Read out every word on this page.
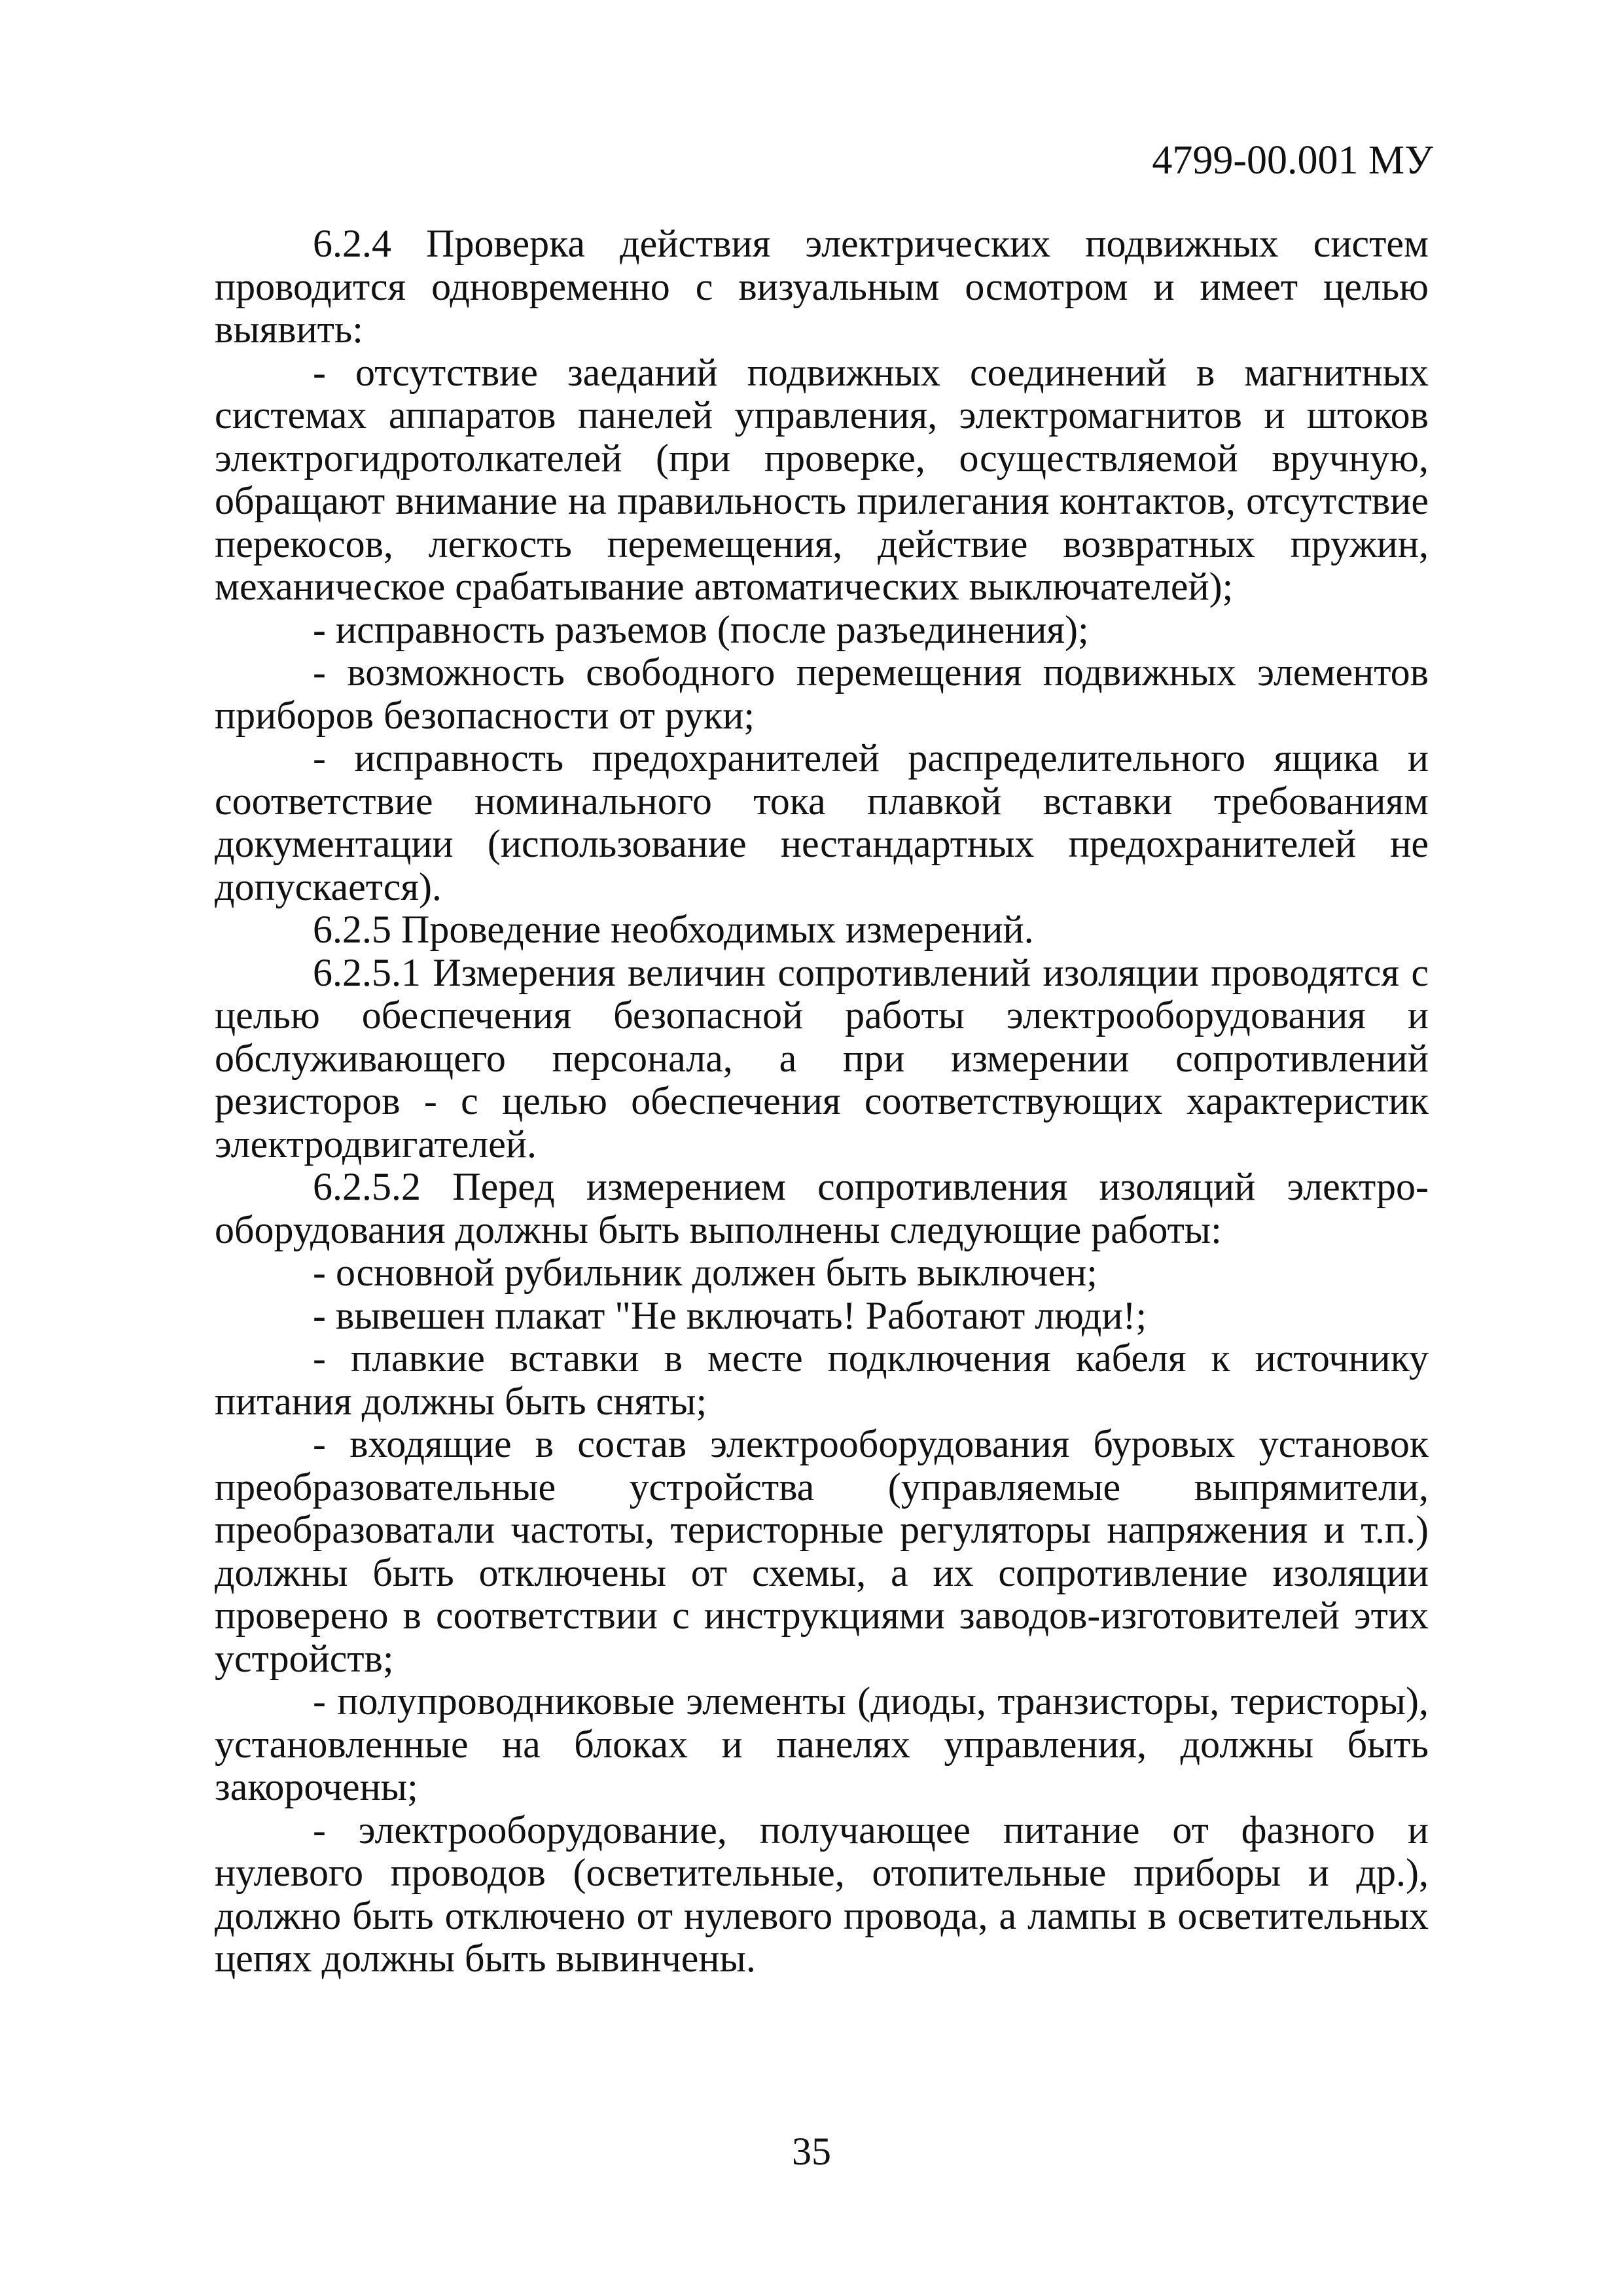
4799-00.001 МУ

6.2.4 Проверка действия электрических подвижных систем проводится одновременно с визуальным осмотром и имеет целью выявить:

- отсутствие заеданий подвижных соединений в магнитных системах аппаратов панелей управления, электромагнитов и штоков электрогидротолкателей (при проверке, осуществляемой вручную, обращают внимание на правильность прилегания контактов, отсутствие перекосов, легкость перемещения, действие возвратных пружин, механическое срабатывание автоматических выключателей);

- исправность разъемов (после разъединения);

- возможность свободного перемещения подвижных элементов приборов безопасности от руки;

- исправность предохранителей распределительного ящика и соответствие номинального тока плавкой вставки требованиям документации (использование нестандартных предохранителей не допускается).

6.2.5 Проведение необходимых измерений.

6.2.5.1 Измерения величин сопротивлений изоляции проводятся с целью обеспечения безопасной работы электрооборудования и обслуживающего персонала, а при измерении сопротивлений резисторов - с целью обеспечения соответствующих характеристик электродвигателей.

6.2.5.2 Перед измерением сопротивления изоляций электрооборудования должны быть выполнены следующие работы:

- основной рубильник должен быть выключен;

- вывешен плакат "Не включать! Работают люди!;

- плавкие вставки в месте подключения кабеля к источнику питания должны быть сняты;

- входящие в состав электрооборудования буровых установок преобразовательные устройства (управляемые выпрямители, преобразоватали частоты, теристорные регуляторы напряжения и т.п.) должны быть отключены от схемы, а их сопротивление изоляции проверено в соответствии с инструкциями заводов-изготовителей этих устройств;

- полупроводниковые элементы (диоды, транзисторы, теристоры), установленные на блоках и панелях управления, должны быть закорочены;

- электрооборудование, получающее питание от фазного и нулевого проводов (осветительные, отопительные приборы и др.), должно быть отключено от нулевого провода, а лампы в осветительных цепях должны быть вывинчены.

35
